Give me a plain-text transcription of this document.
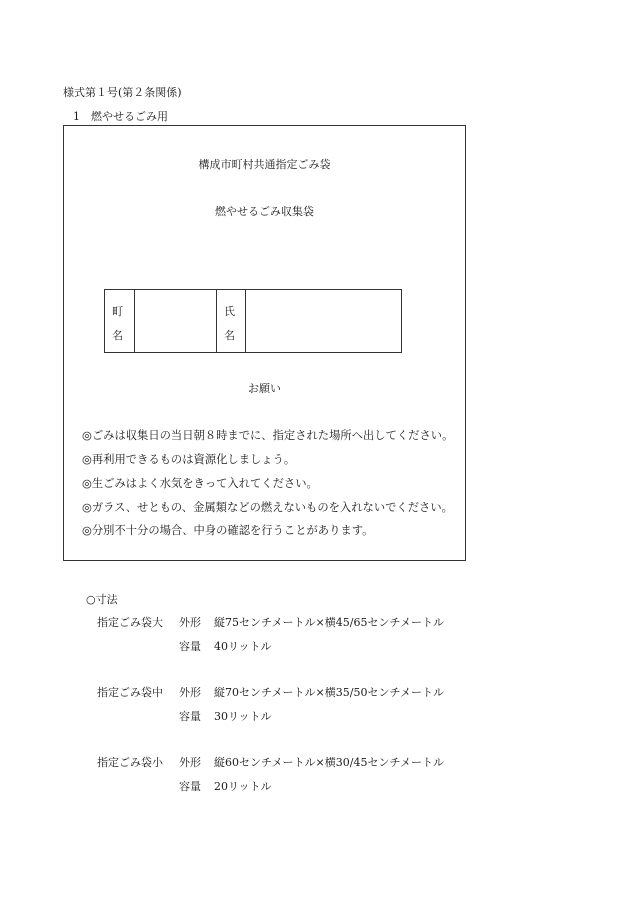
様式第１号(第２条関係)
1　燃やせるごみ用
構成市町村共通指定ごみ袋
燃やせるごみ収集袋
町
名
氏
名
お願い

◎ごみは収集日の当日朝８時までに、指定された場所へ出してください。

◎再利用できるものは資源化しましょう。

◎生ごみはよく水気をきって入れてください。

◎ガラス、せともの、金属類などの燃えないものを入れないでください。

◎分別不十分の場合、中身の確認を行うことがあります。

○寸法
指定ごみ袋大 外形 縦75センチメートル×横45/65センチメートル
容量 40リットル
指定ごみ袋中 外形 縦70センチメートル×横35/50センチメートル
容量 30リットル
指定ごみ袋小 外形 縦60センチメートル×横30/45センチメートル
容量 20リットル
